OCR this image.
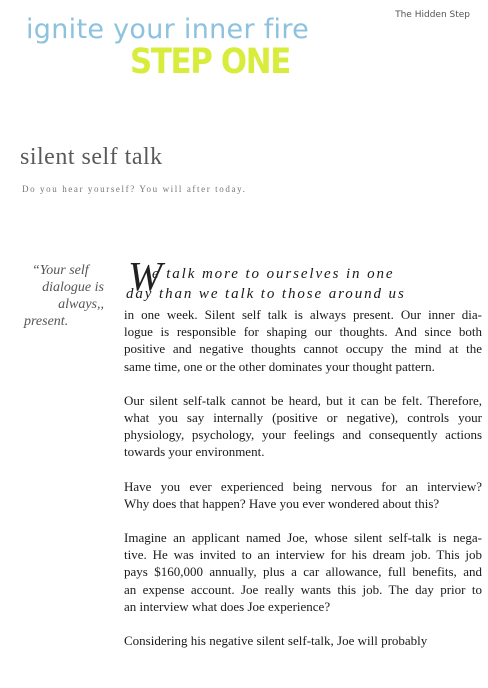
ignite your inner fire
STEP ONE
The Hidden Step
silent self talk
Do you hear yourself? You will after today.
“Your self
dialogue is
always,,
present.
W
e talk more to ourselves in one
day than we talk to those around us

in one week. Silent self talk is always present. Our inner dia-
logue is responsible for shaping our thoughts. And since both
positive and negative thoughts cannot occupy the mind at the
same time, one or the other dominates your thought pattern.

Our silent self-talk cannot be heard, but it can be felt. Therefore,
what you say internally (positive or negative), controls your
physiology, psychology, your feelings and consequently actions
towards your environment.

Have you ever experienced being nervous for an interview?
Why does that happen? Have you ever wondered about this?

Imagine an applicant named Joe, whose silent self-talk is nega-
tive. He was invited to an interview for his dream job. This job
pays $160,000 annually, plus a car allowance, full benefits, and
an expense account. Joe really wants this job. The day prior to
an interview what does Joe experience?

Considering his negative silent self-talk, Joe will probably
